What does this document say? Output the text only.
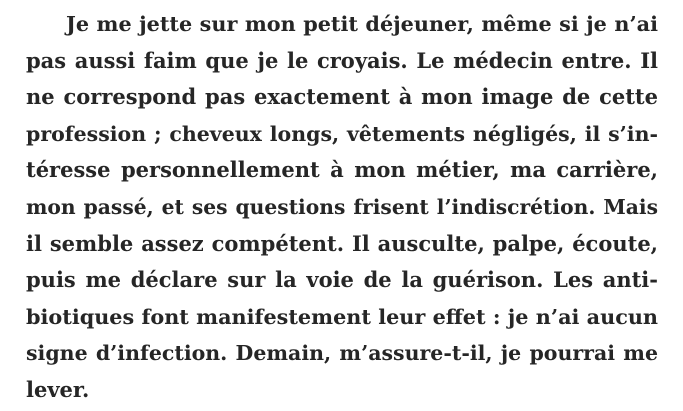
Je me jette sur mon petit déjeuner, même si je n’ai
pas aussi faim que je le croyais. Le médecin entre. Il
ne correspond pas exactement à mon image de cette
profession ; cheveux longs, vêtements négligés, il s’in-
téresse personnellement à mon métier, ma carrière,
mon passé, et ses questions frisent l’indiscrétion. Mais
il semble assez compétent. Il ausculte, palpe, écoute,
puis me déclare sur la voie de la guérison. Les anti-
biotiques font manifestement leur effet : je n’ai aucun
signe d’infection. Demain, m’assure-t-il, je pourrai me
lever.
